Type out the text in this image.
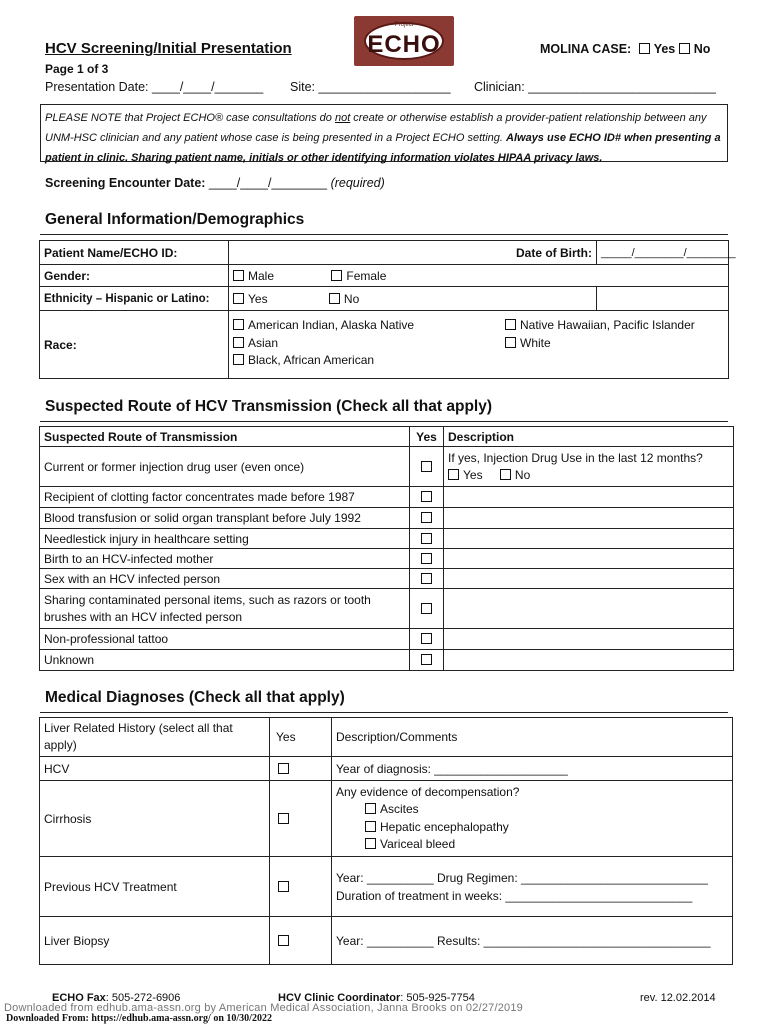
HCV Screening/Initial Presentation
Project
ECHO	MOLINA CASE: Yes No
Page 1 of 3
Presentation Date: ____/____/_______ Site: ___________________ Clinician: ___________________________
PLEASE NOTE that Project ECHO® case consultations do not create or otherwise establish a provider-patient relationship between any UNM-HSC clinician and any patient whose case is being presented in a Project ECHO setting. Always use ECHO ID# when presenting a patient in clinic. Sharing patient name, initials or other identifying information violates HIPAA privacy laws.
Screening Encounter Date: ____/____/________ (required)
General Information/Demographics
Patient Name/ECHO ID:	Date of Birth:	_____/________/________
Gender:	Male Female	
Ethnicity – Hispanic or Latino:	Yes No	
Race:	American Indian, Alaska Native
Asian
Black, African American
Native Hawaiian, Pacific Islander
White	
Suspected Route of HCV Transmission (Check all that apply)
Suspected Route of Transmission	Yes	Description
Current or former injection drug user (even once)		If yes, Injection Drug Use in the last 12 months?
Yes No

Recipient of clotting factor concentrates made before 1987		
Blood transfusion or solid organ transplant before July 1992		
Needlestick injury in healthcare setting		
Birth to an HCV-infected mother		
Sex with an HCV infected person		
Sharing contaminated personal items, such as razors or tooth brushes with an HCV infected person		
Non-professional tattoo		
Unknown		
Medical Diagnoses (Check all that apply)
Liver Related History (select all that apply)	Yes	Description/Comments
HCV		Year of diagnosis: ____________________
Cirrhosis		Any evidence of decompensation?
Ascites
Hepatic encephalopathy
Variceal bleed

Previous HCV Treatment		Year: __________ Drug Regimen: ____________________________
Duration of treatment in weeks: ____________________________

Liver Biopsy		Year: __________ Results: __________________________________
ECHO Fax: 505-272-6906	HCV Clinic Coordinator: 505-925-7754	rev. 12.02.2014
Downloaded from edhub.ama-assn.org by American Medical Association, Janna Brooks on 02/27/2019
Downloaded From: https://edhub.ama-assn.org/ on 10/30/2022
